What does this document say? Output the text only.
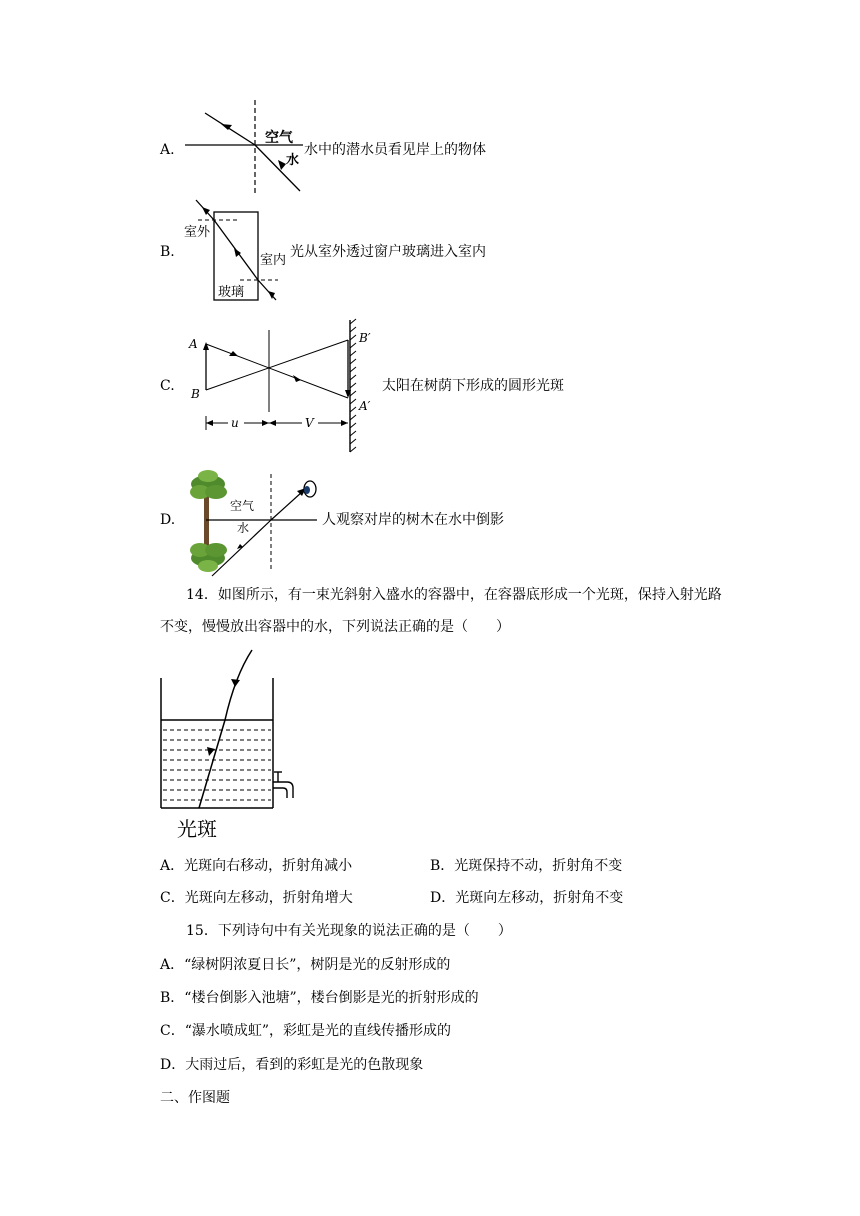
A.
空气
水
水中的潜水员看见岸上的物体
B.
室外
室内
玻璃
光从室外透过窗户玻璃进入室内
C.
A
B
B′
A′
u	V
太阳在树荫下形成的圆形光斑
D.
空气
水	人观察对岸的树木在水中倒影
14．如图所示，有一束光斜射入盛水的容器中，在容器底形成一个光斑，保持入射光路
不变，慢慢放出容器中的水，下列说法正确的是（　　）
光斑
A．光斑向右移动，折射角减小	B．光斑保持不动，折射角不变
C．光斑向左移动，折射角增大	D．光斑向左移动，折射角不变
15．下列诗句中有关光现象的说法正确的是（　　）
A．“绿树阴浓夏日长”，树阴是光的反射形成的
B．“楼台倒影入池塘”，楼台倒影是光的折射形成的
C．“瀑水喷成虹”，彩虹是光的直线传播形成的
D．大雨过后，看到的彩虹是光的色散现象
二、作图题
